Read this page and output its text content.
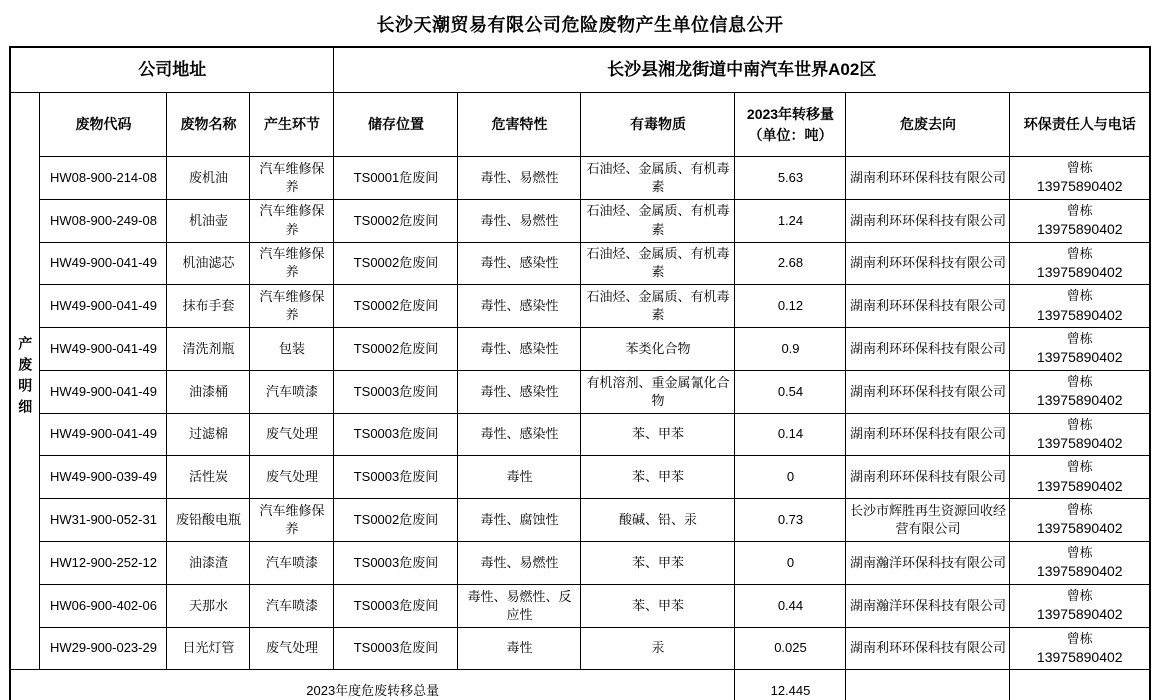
长沙天潮贸易有限公司危险废物产生单位信息公开
公司地址				长沙县湘龙街道中南汽车世界A02区					
产废明细	废物代码	废物名称	产生环节	储存位置	危害特性	有毒物质	2023年转移量
（单位：吨）	危废去向	环保责任人与电话
	HW08-900-214-08	废机油	汽车维修保养	TS0001危废间	毒性、易燃性	石油烃、金属质、有机毒素	5.63	湖南利环环保科技有限公司	曾栋
13975890402

	HW08-900-249-08	机油壶	汽车维修保养	TS0002危废间	毒性、易燃性	石油烃、金属质、有机毒素	1.24	湖南利环环保科技有限公司	曾栋
13975890402

	HW49-900-041-49	机油滤芯	汽车维修保养	TS0002危废间	毒性、感染性	石油烃、金属质、有机毒素	2.68	湖南利环环保科技有限公司	曾栋
13975890402

	HW49-900-041-49	抹布手套	汽车维修保养	TS0002危废间	毒性、感染性	石油烃、金属质、有机毒素	0.12	湖南利环环保科技有限公司	曾栋
13975890402

	HW49-900-041-49	清洗剂瓶	包装	TS0002危废间	毒性、感染性	苯类化合物	0.9	湖南利环环保科技有限公司	曾栋
13975890402

	HW49-900-041-49	油漆桶	汽车喷漆	TS0003危废间	毒性、感染性	有机溶剂、重金属氰化合物	0.54	湖南利环环保科技有限公司	曾栋
13975890402

	HW49-900-041-49	过滤棉	废气处理	TS0003危废间	毒性、感染性	苯、甲苯	0.14	湖南利环环保科技有限公司	曾栋
13975890402

	HW49-900-039-49	活性炭	废气处理	TS0003危废间	毒性	苯、甲苯	0	湖南利环环保科技有限公司	曾栋
13975890402

	HW31-900-052-31	废铅酸电瓶	汽车维修保养	TS0002危废间	毒性、腐蚀性	酸碱、铅、汞	0.73	长沙市辉胜再生资源回收经营有限公司	曾栋
13975890402

	HW12-900-252-12	油漆渣	汽车喷漆	TS0003危废间	毒性、易燃性	苯、甲苯	0	湖南瀚洋环保科技有限公司	曾栋
13975890402

	HW06-900-402-06	天那水	汽车喷漆	TS0003危废间	毒性、易燃性、反应性	苯、甲苯	0.44	湖南瀚洋环保科技有限公司	曾栋
13975890402

	HW29-900-023-29	日光灯管	废气处理	TS0003危废间	毒性	汞	0.025	湖南利环环保科技有限公司	曾栋
13975890402

2023年度危废转移总量							12.445		
